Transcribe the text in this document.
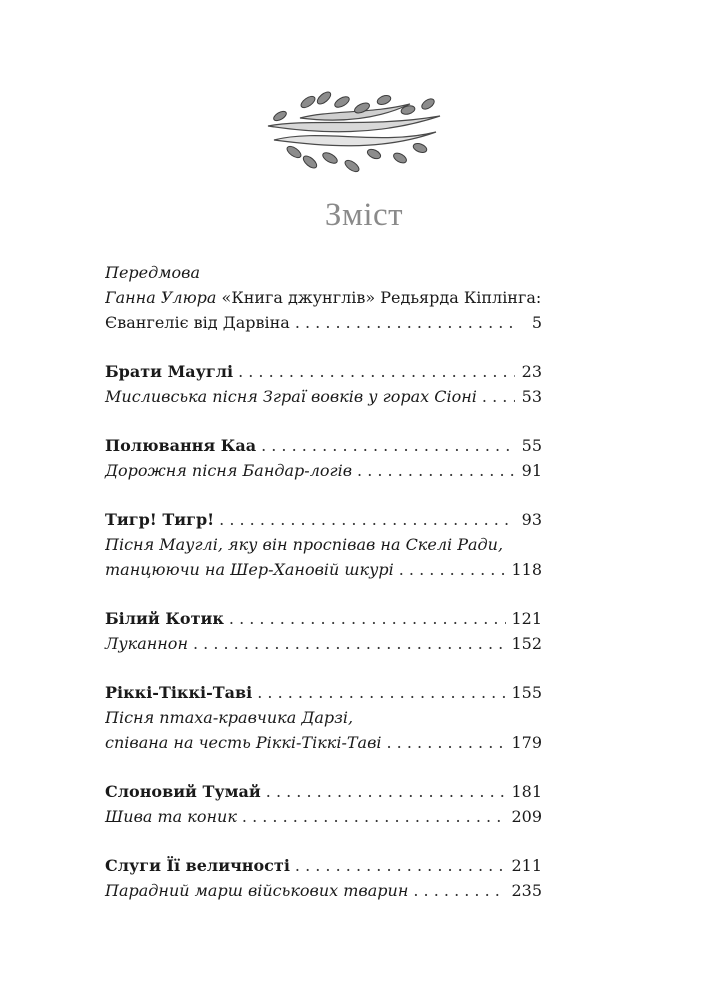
Зміст
Передмова
Ганна Улюра «Книга джунглів» Редьярда Кіплінга:
Євангеліє від Дарвіна . . .	5
Брати Мауглі . . .	23
Мисливська пісня Зграї вовків у горах Сіоні . . .	53
Полювання Каа . . .	55
Дорожня пісня Бандар-логів . . .	91
Тигр! Тигр! . . .	93
Пісня Мауглі, яку він проспівав на Скелі Ради,
танцюючи на Шер-Хановій шкурі . . .	118
Білий Котик . . .	121
Луканнон . . .	152
Ріккі-Тіккі-Таві . . .	155
Пісня птаха-кравчика Дарзі,
співана на честь Ріккі-Тіккі-Таві . . .	179
Слоновий Тумай . . .	181
Шива та коник . . .	209
Слуги Її величності . . .	211
Парадний марш військових тварин . . .	235
